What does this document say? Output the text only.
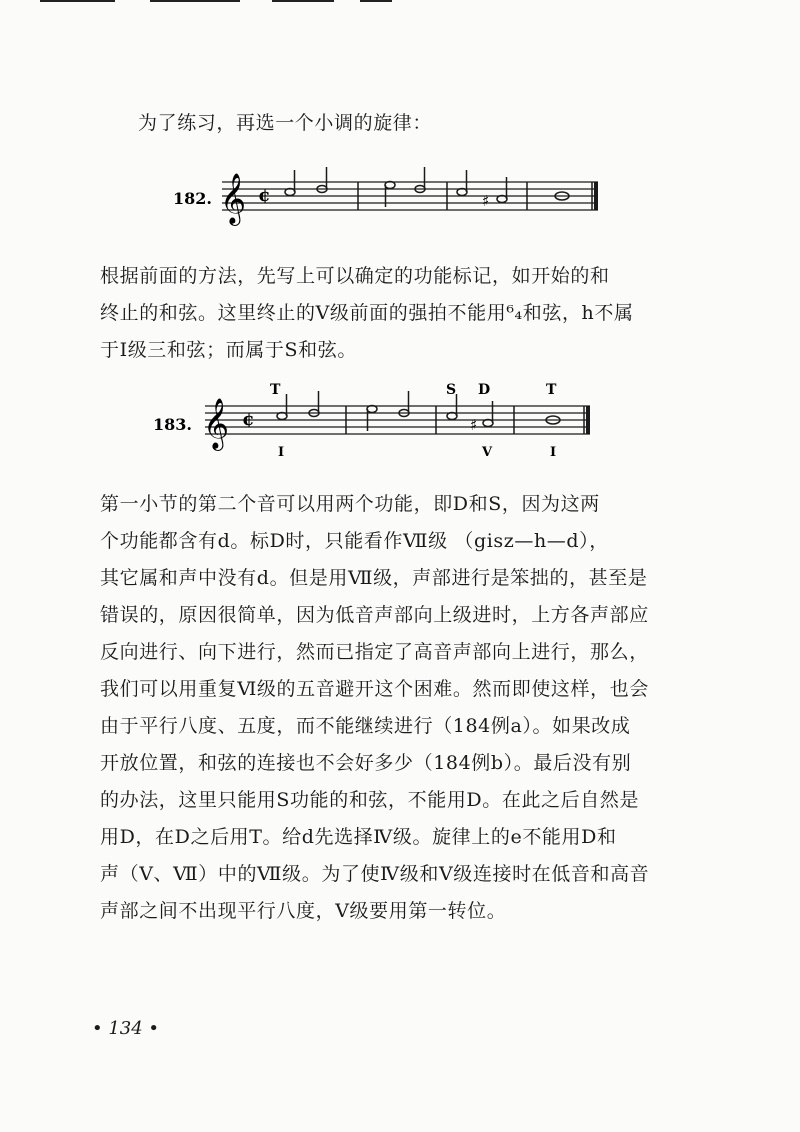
为了练习，再选一个小调的旋律：
182. 𝄞 ¢	♯

根据前面的方法，先写上可以确定的功能标记，如开始的和

终止的和弦。这里终止的Ⅴ级前面的强拍不能用⁶₄和弦，h不属

于Ⅰ级三和弦；而属于S和弦。

183.
T	S D	T
𝄞 ¢	♯
I	V	I

第一小节的第二个音可以用两个功能，即D和S，因为这两

个功能都含有d。标D时，只能看作Ⅶ级 （gisz—h—d），

其它属和声中没有d。但是用Ⅶ级，声部进行是笨拙的，甚至是

错误的，原因很简单，因为低音声部向上级进时，上方各声部应

反向进行、向下进行，然而已指定了高音声部向上进行，那么，

我们可以用重复Ⅵ级的五音避开这个困难。然而即使这样，也会

由于平行八度、五度，而不能继续进行（184例a）。如果改成

开放位置，和弦的连接也不会好多少（184例b）。最后没有别

的办法，这里只能用S功能的和弦，不能用D。在此之后自然是

用D，在D之后用T。给d先选择Ⅳ级。旋律上的e不能用D和

声（Ⅴ、Ⅶ）中的Ⅶ级。为了使Ⅳ级和Ⅴ级连接时在低音和高音

声部之间不出现平行八度，Ⅴ级要用第一转位。

• 134 •
